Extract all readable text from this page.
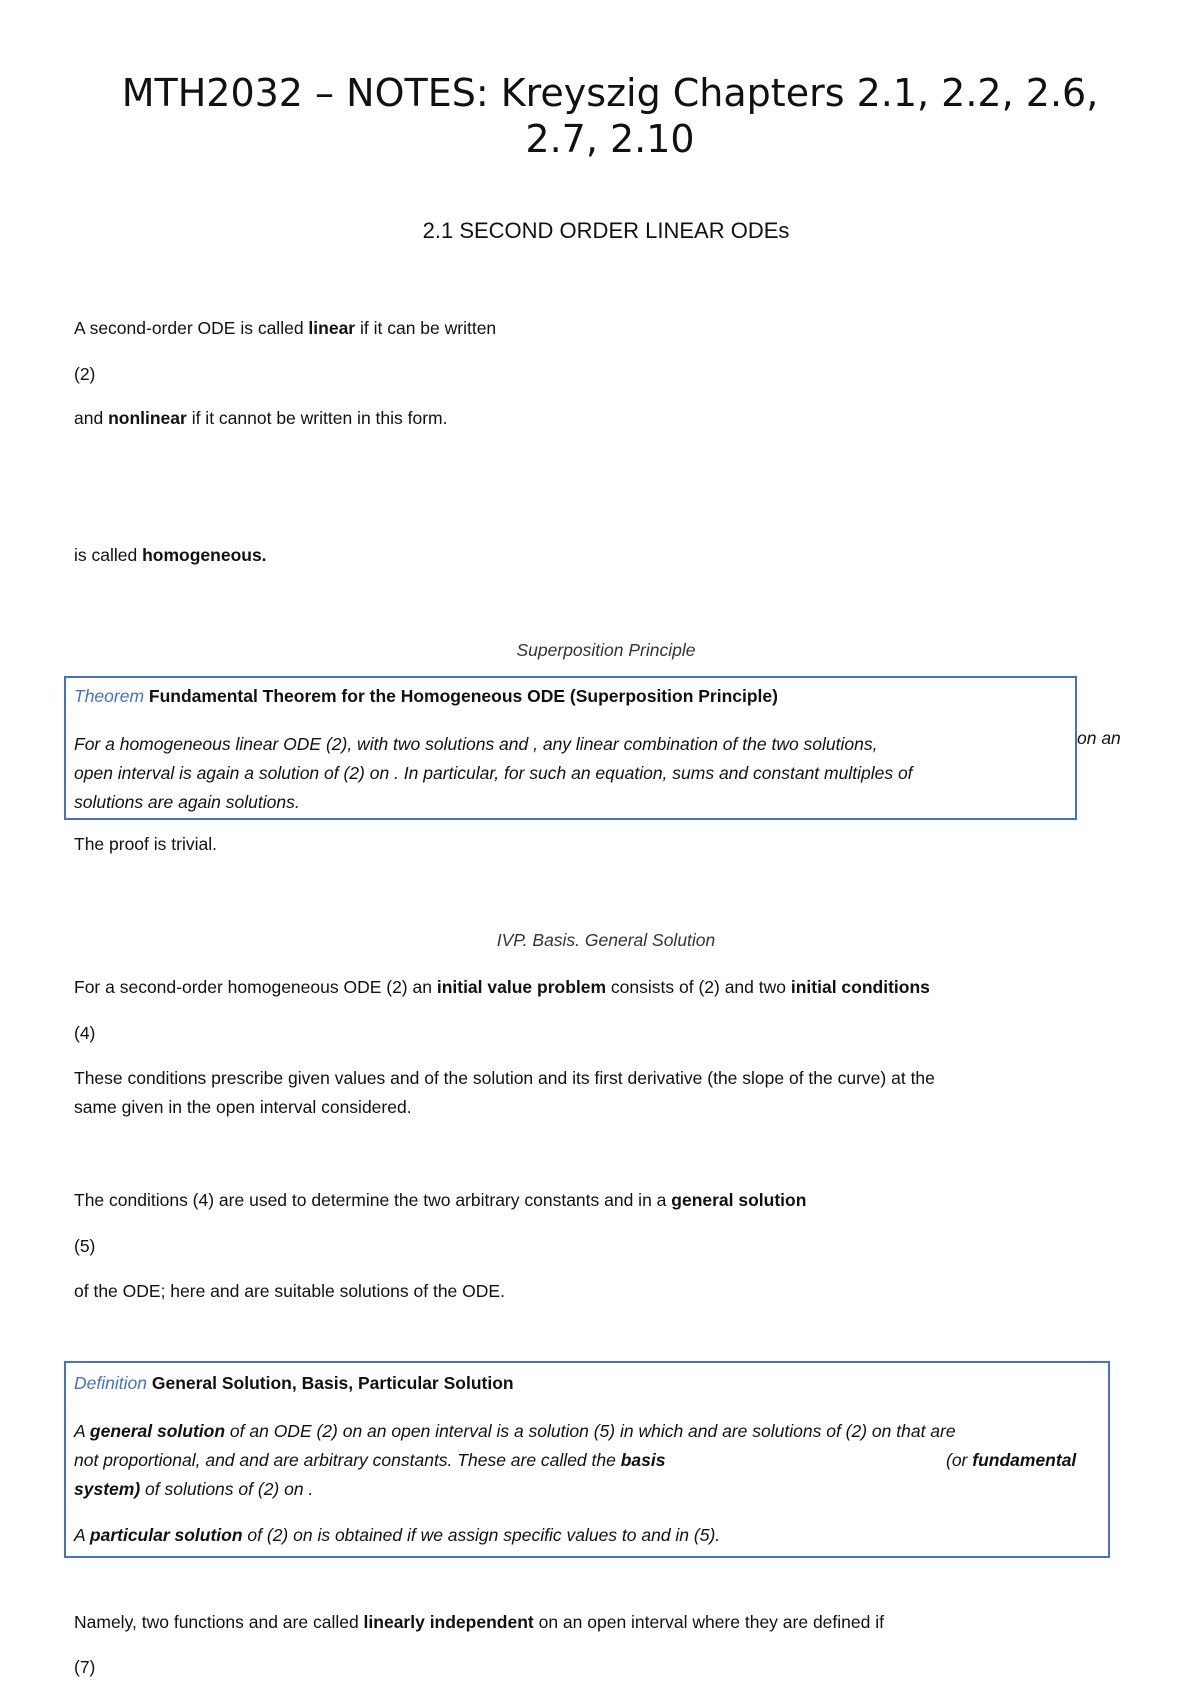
MTH2032 – NOTES: Kreyszig Chapters 2.1, 2.2, 2.6,
2.7, 2.10
2.1 SECOND ORDER LINEAR ODEs
A second-order ODE is called linear if it can be written
(2)
and nonlinear if it cannot be written in this form.
is called homogeneous.
Superposition Principle
Theorem Fundamental Theorem for the Homogeneous ODE (Superposition Principle)
For a homogeneous linear ODE (2), with two solutions and , any linear combination of the two solutions,
open interval is again a solution of (2) on . In particular, for such an equation, sums and constant multiples of
solutions are again solutions.
on an
The proof is trivial.
IVP. Basis. General Solution
For a second-order homogeneous ODE (2) an initial value problem consists of (2) and two initial conditions
(4)
These conditions prescribe given values and of the solution and its first derivative (the slope of the curve) at the
same given in the open interval considered.
The conditions (4) are used to determine the two arbitrary constants and in a general solution
(5)
of the ODE; here and are suitable solutions of the ODE.
Definition General Solution, Basis, Particular Solution
A general solution of an ODE (2) on an open interval is a solution (5) in which and are solutions of (2) on that are
not proportional, and and are arbitrary constants. These are called the basis	(or fundamental
system) of solutions of (2) on .
A particular solution of (2) on is obtained if we assign specific values to and in (5).
Namely, two functions and are called linearly independent on an open interval where they are defined if
(7)
